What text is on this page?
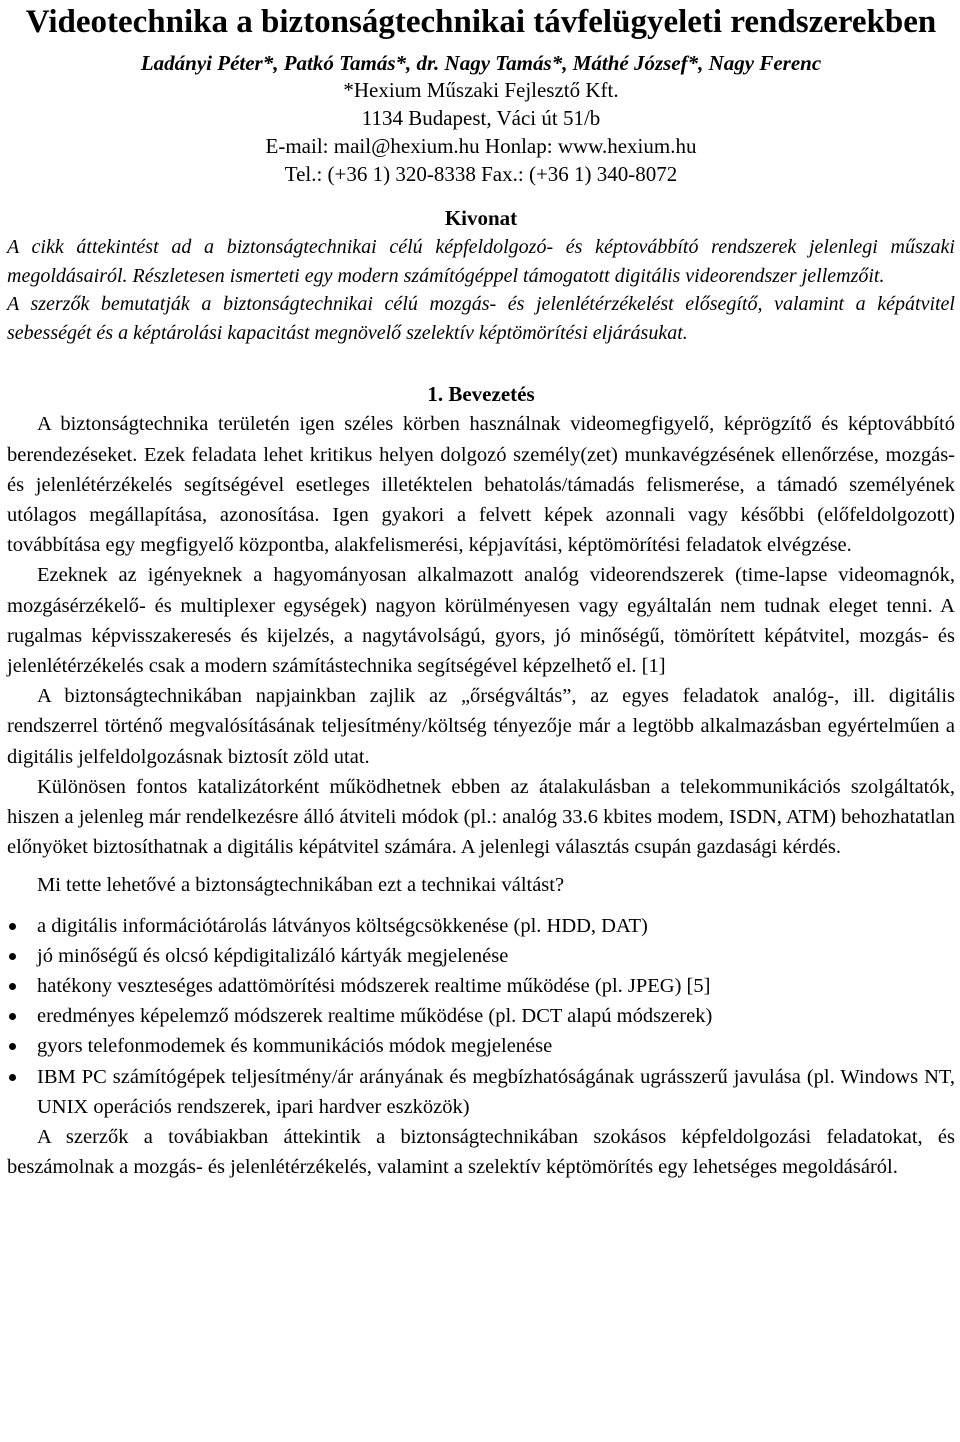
Videotechnika a biztonságtechnikai távfelügyeleti rendszerekben
Ladányi Péter*, Patkó Tamás*, dr. Nagy Tamás*, Máthé József*, Nagy Ferenc
*Hexium Műszaki Fejlesztő Kft.
1134 Budapest, Váci út 51/b
E-mail: mail@hexium.hu Honlap: www.hexium.hu
Tel.: (+36 1) 320-8338 Fax.: (+36 1) 340-8072
Kivonat

A cikk áttekintést ad a biztonságtechnikai célú képfeldolgozó- és képtovábbító rendszerek jelenlegi műszaki megoldásairól. Részletesen ismerteti egy modern számítógéppel támogatott digitális videorendszer jellemzőit.

A szerzők bemutatják a biztonságtechnikai célú mozgás- és jelenlétérzékelést elősegítő, valamint a képátvitel sebességét és a képtárolási kapacitást megnövelő szelektív képtömörítési eljárásukat.

1. Bevezetés

A biztonságtechnika területén igen széles körben használnak videomegfigyelő, képrögzítő és képtovábbító berendezéseket. Ezek feladata lehet kritikus helyen dolgozó személy(zet) munkavégzésének ellenőrzése, mozgás- és jelenlétérzékelés segítségével esetleges illetéktelen behatolás/támadás felismerése, a támadó személyének utólagos megállapítása, azonosítása. Igen gyakori a felvett képek azonnali vagy későbbi (előfeldolgozott) továbbítása egy megfigyelő központba, alakfelismerési, képjavítási, képtömörítési feladatok elvégzése.

Ezeknek az igényeknek a hagyományosan alkalmazott analóg videorendszerek (time-lapse videomagnók, mozgásérzékelő- és multiplexer egységek) nagyon körülményesen vagy egyáltalán nem tudnak eleget tenni. A rugalmas képvisszakeresés és kijelzés, a nagytávolságú, gyors, jó minőségű, tömörített képátvitel, mozgás- és jelenlétérzékelés csak a modern számítástechnika segítségével képzelhető el. [1]

A biztonságtechnikában napjainkban zajlik az „őrségváltás”, az egyes feladatok analóg-, ill. digitális rendszerrel történő megvalósításának teljesítmény/költség tényezője már a legtöbb alkalmazásban egyértelműen a digitális jelfeldolgozásnak biztosít zöld utat.

Különösen fontos katalizátorként működhetnek ebben az átalakulásban a telekommunikációs szolgáltatók, hiszen a jelenleg már rendelkezésre álló átviteli módok (pl.: analóg 33.6 kbites modem, ISDN, ATM) behozhatatlan előnyöket biztosíthatnak a digitális képátvitel számára. A jelenlegi választás csupán gazdasági kérdés.

Mi tette lehetővé a biztonságtechnikában ezt a technikai váltást?

a digitális információtárolás látványos költségcsökkenése (pl. HDD, DAT)
jó minőségű és olcsó képdigitalizáló kártyák megjelenése
hatékony veszteséges adattömörítési módszerek realtime működése (pl. JPEG) [5]
eredményes képelemző módszerek realtime működése (pl. DCT alapú módszerek)
gyors telefonmodemek és kommunikációs módok megjelenése
IBM PC számítógépek teljesítmény/ár arányának és megbízhatóságának ugrásszerű javulása (pl. Windows NT, UNIX operációs rendszerek, ipari hardver eszközök)

A szerzők a továbiakban áttekintik a biztonságtechnikában szokásos képfeldolgozási feladatokat, és beszámolnak a mozgás- és jelenlétérzékelés, valamint a szelektív képtömörítés egy lehetséges megoldásáról.
